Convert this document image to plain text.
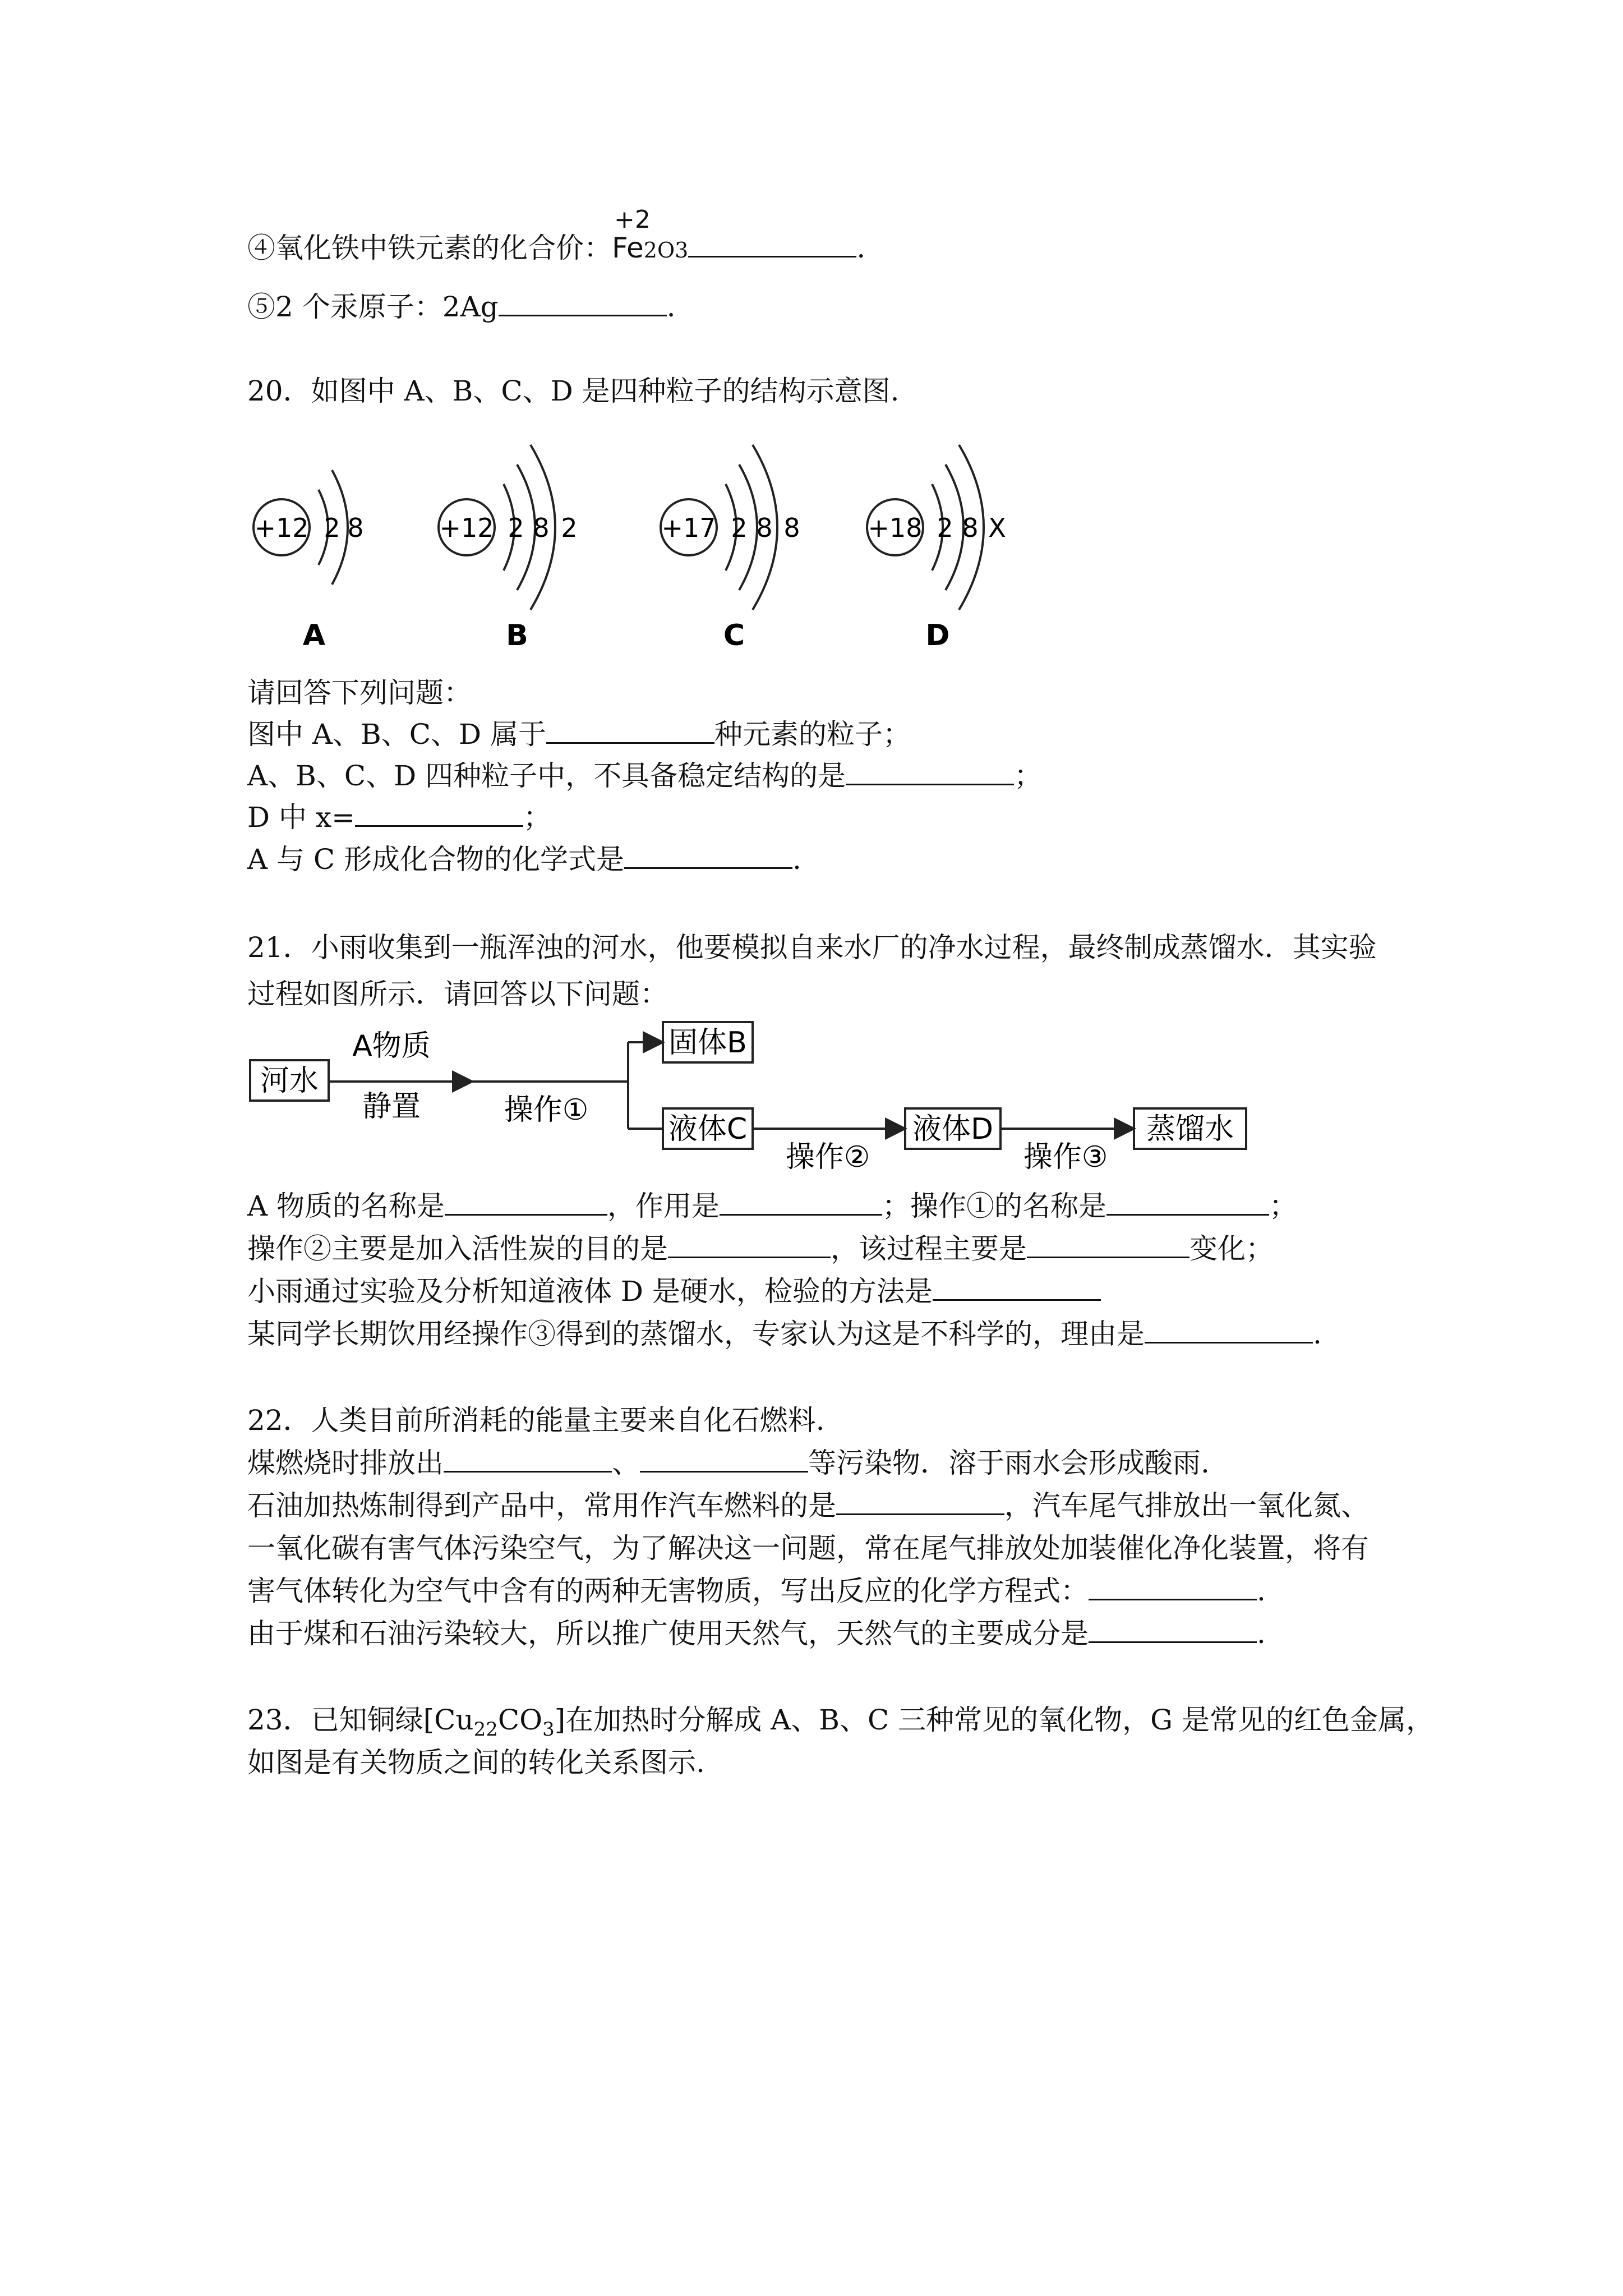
④氧化铁中铁元素的化合价：
+2
Fe2O3	.
⑤2 个汞原子：2Ag	.
20．如图中 A、B、C、D 是四种粒子的结构示意图.
+12 2 8
A
+12 2 8 2
B
+17 2 8 8
C
+18 2 8 X
D
请回答下列问题：
图中 A、B、C、D 属于	种元素的粒子；
A、B、C、D 四种粒子中，不具备稳定结构的是	；
D 中 x=	；
A 与 C 形成化合物的化学式是	.
21．小雨收集到一瓶浑浊的河水，他要模拟自来水厂的净水过程，最终制成蒸馏水．其实验
过程如图所示．请回答以下问题：
河水
A物质
静置	操作①
固体B
液体C
操作②
液体D
操作③
蒸馏水
A 物质的名称是	，作用是	；操作①的名称是	；
操作②主要是加入活性炭的目的是	，该过程主要是	变化；
小雨通过实验及分析知道液体 D 是硬水，检验的方法是
某同学长期饮用经操作③得到的蒸馏水，专家认为这是不科学的，理由是	.
22．人类目前所消耗的能量主要来自化石燃料.
煤燃烧时排放出	、	等污染物．溶于雨水会形成酸雨.
石油加热炼制得到产品中，常用作汽车燃料的是	，汽车尾气排放出一氧化氮、
一氧化碳有害气体污染空气，为了解决这一问题，常在尾气排放处加装催化净化装置，将有
害气体转化为空气中含有的两种无害物质，写出反应的化学方程式：	.
由于煤和石油污染较大，所以推广使用天然气，天然气的主要成分是	.
23．已知铜绿$[Cu_{22}CO_3]$在加热时分解成 A、B、C 三种常见的氧化物，G 是常见的红色金属，
如图是有关物质之间的转化关系图示.
